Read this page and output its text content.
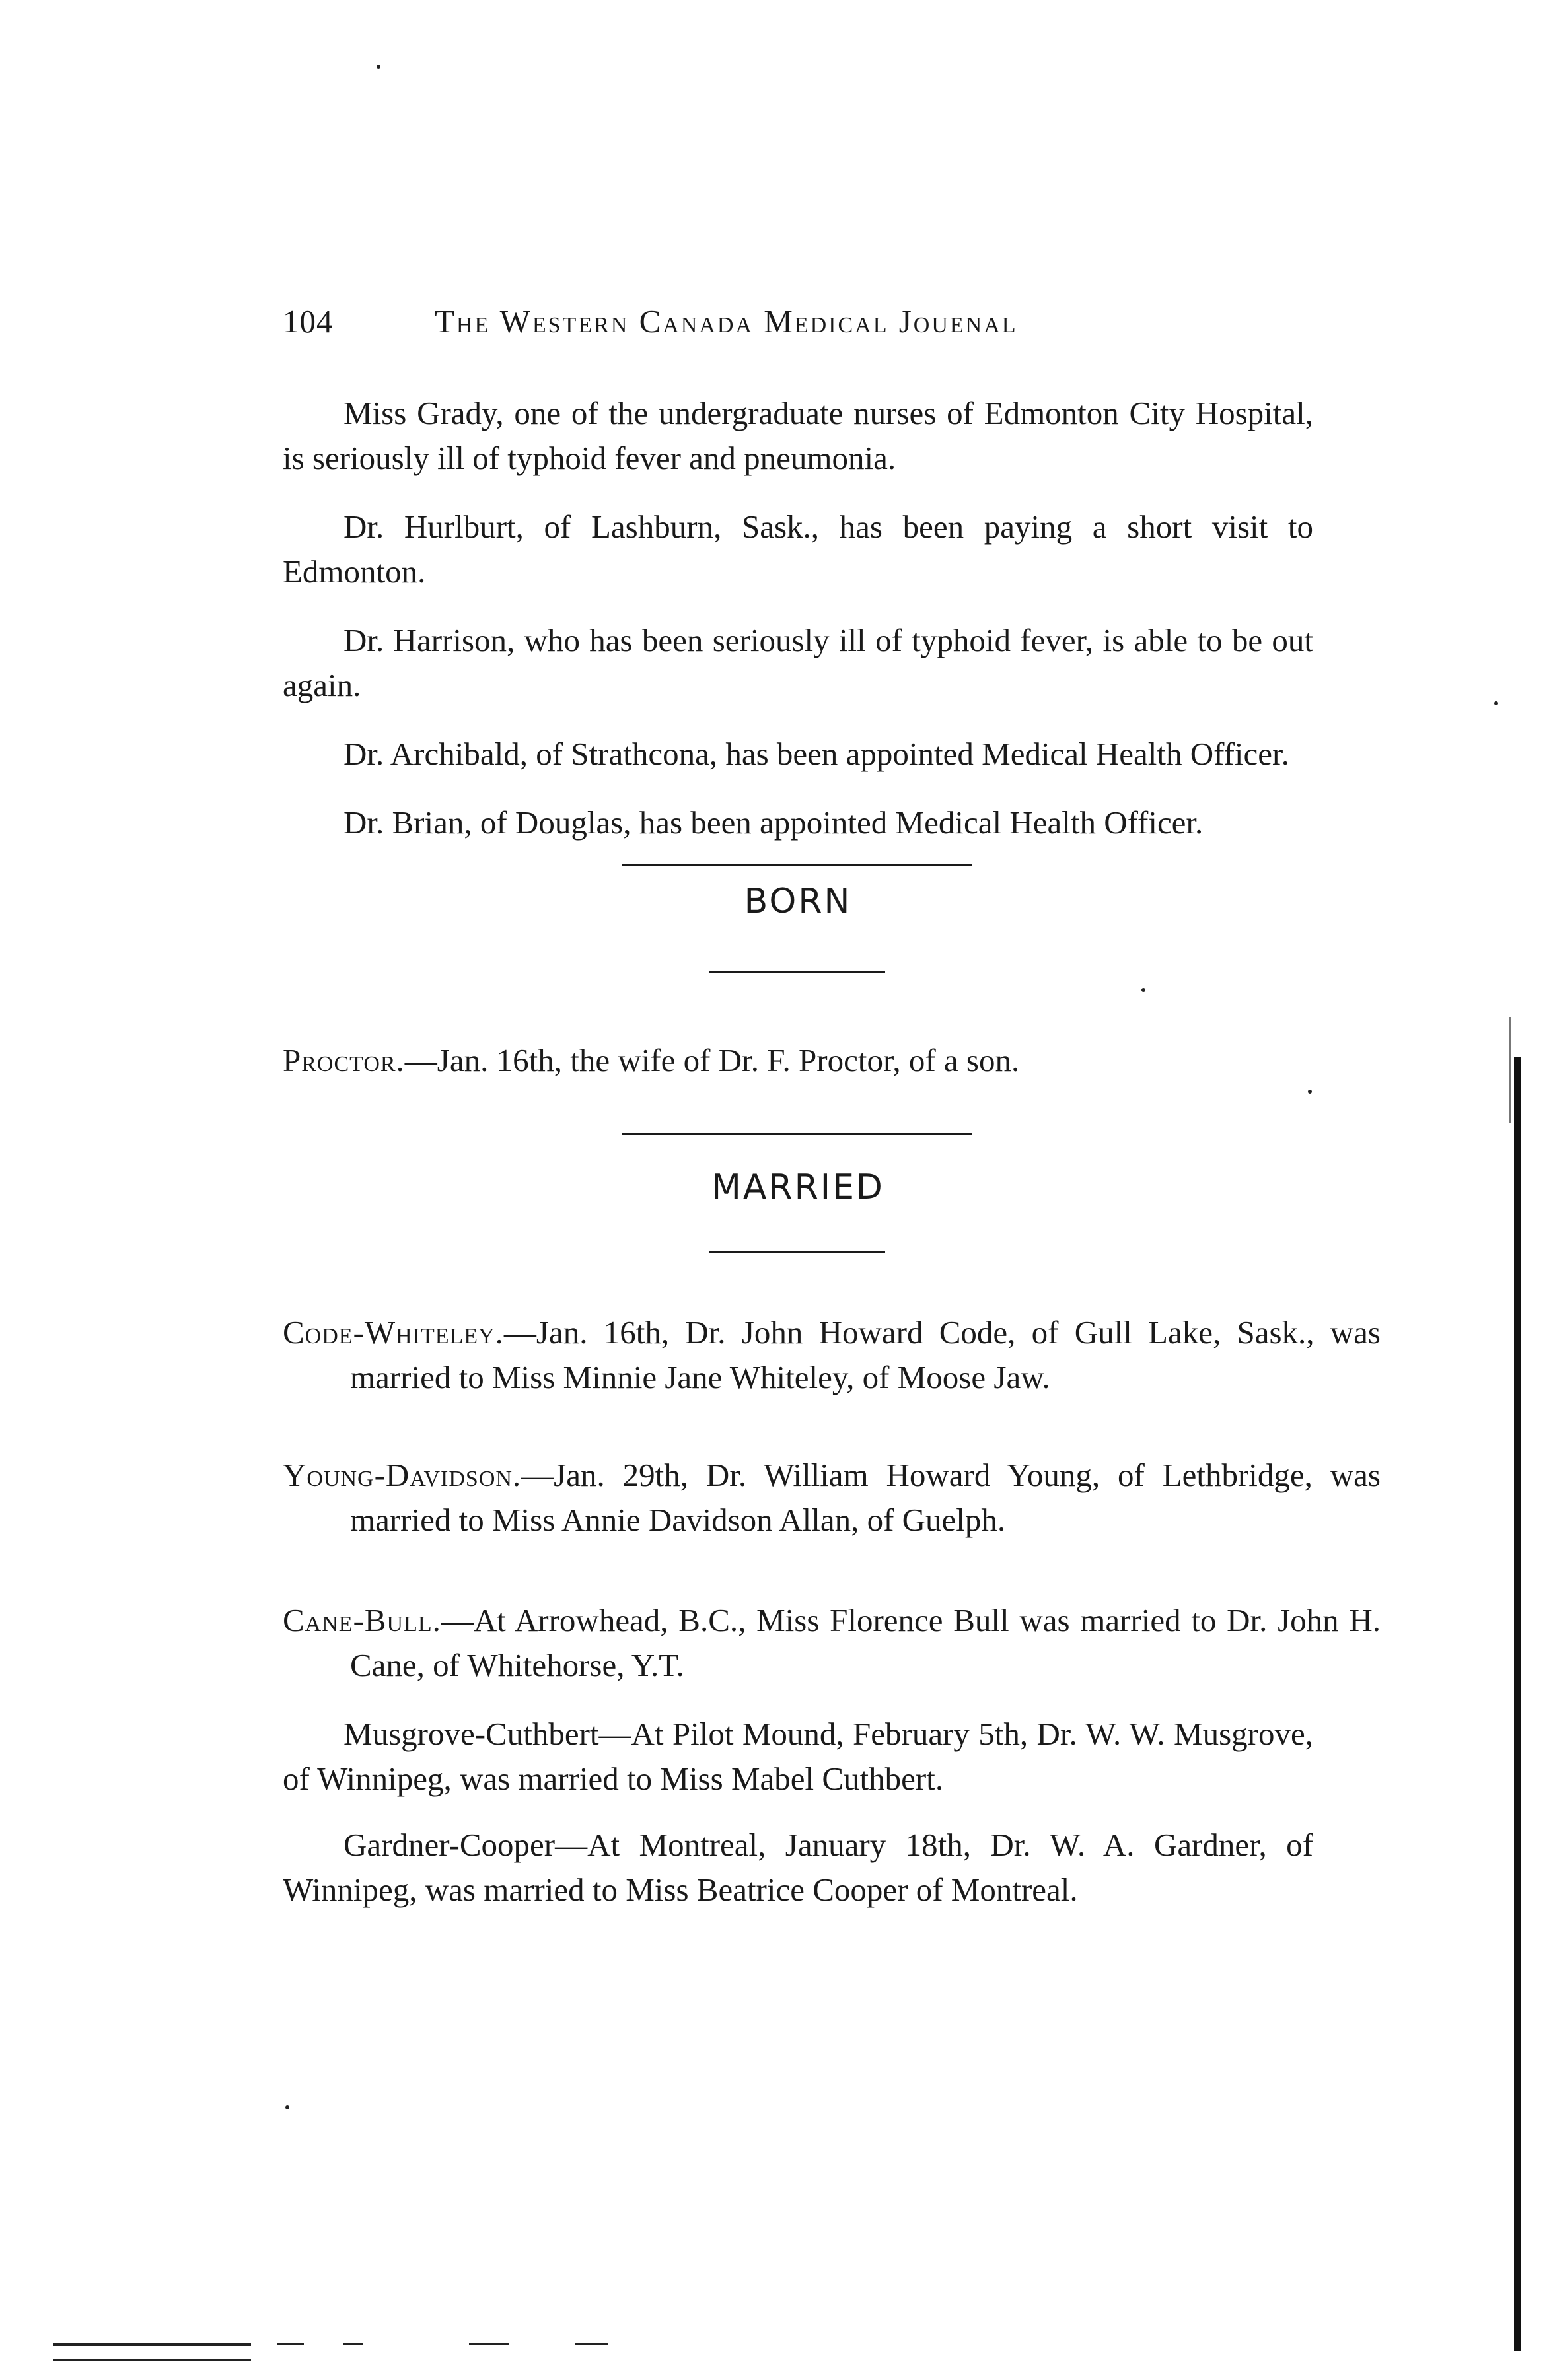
104	The Western Canada Medical Jouenal

Miss Grady, one of the undergraduate nurses of Edmonton City Hospital, is seriously ill of typhoid fever and pneumonia.

Dr. Hurlburt, of Lashburn, Sask., has been paying a short visit to Edmonton.

Dr. Harrison, who has been seriously ill of typhoid fever, is able to be out again.

Dr. Archibald, of Strathcona, has been appointed Medical Health Officer.

Dr. Brian, of Douglas, has been appointed Medical Health Officer.

BORN
Proctor.—Jan. 16th, the wife of Dr. F. Proctor, of a son.
MARRIED
Code-Whiteley.—Jan. 16th, Dr. John Howard Code, of Gull Lake, Sask., was married to Miss Minnie Jane Whiteley, of Moose Jaw.
Young-Davidson.—Jan. 29th, Dr. William Howard Young, of Lethbridge, was married to Miss Annie Davidson Allan, of Guelph.
Cane-Bull.—At Arrowhead, B.C., Miss Florence Bull was married to Dr. John H. Cane, of Whitehorse, Y.T.
Musgrove-Cuthbert—At Pilot Mound, February 5th, Dr. W. W. Musgrove, of Winnipeg, was married to Miss Mabel Cuthbert.
Gardner-Cooper—At Montreal, January 18th, Dr. W. A. Gardner, of Winnipeg, was married to Miss Beatrice Cooper of Montreal.
